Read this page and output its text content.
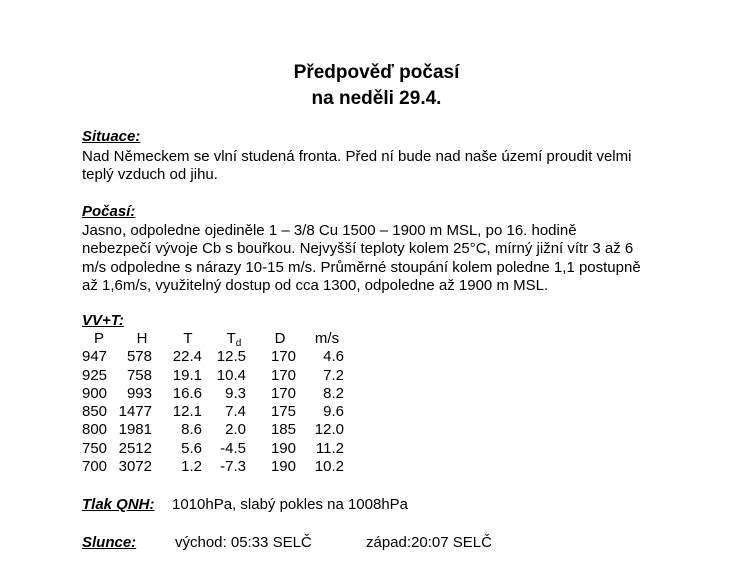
Předpověď počasí
na neděli 29.4.
Situace:
Nad Německem se vlní studená fronta. Před ní bude nad naše území proudit velmi
teplý vzduch od jihu.
Počasí:
Jasno, odpoledne ojediněle 1 – 3/8 Cu 1500 – 1900 m MSL, po 16. hodině
nebezpečí vývoje Cb s bouřkou. Nejvyšší teploty kolem 25°C, mírný jižní vítr 3 až 6
m/s odpoledne s nárazy 10-15 m/s. Průměrné stoupání kolem poledne 1,1 postupně
až 1,6m/s, využitelný dostup od cca 1300, odpoledne až 1900 m MSL.
VV+T:
P	H	T	$T_d$	D	m/s
947	578	22.4 12.5	170	4.6
925	758	19.1 10.4	170	7.2
900	993	16.6	9.3	170	8.2
850 1477	12.1	7.4	175	9.6
800 1981	8.6	2.0	185	12.0
750 2512	5.6	-4.5	190	11.2
700 3072	1.2	-7.3	190	10.2
Tlak QNH: 1010hPa, slabý pokles na 1008hPa
Slunce:	východ: 05:33 SELČ	západ:20:07 SELČ
